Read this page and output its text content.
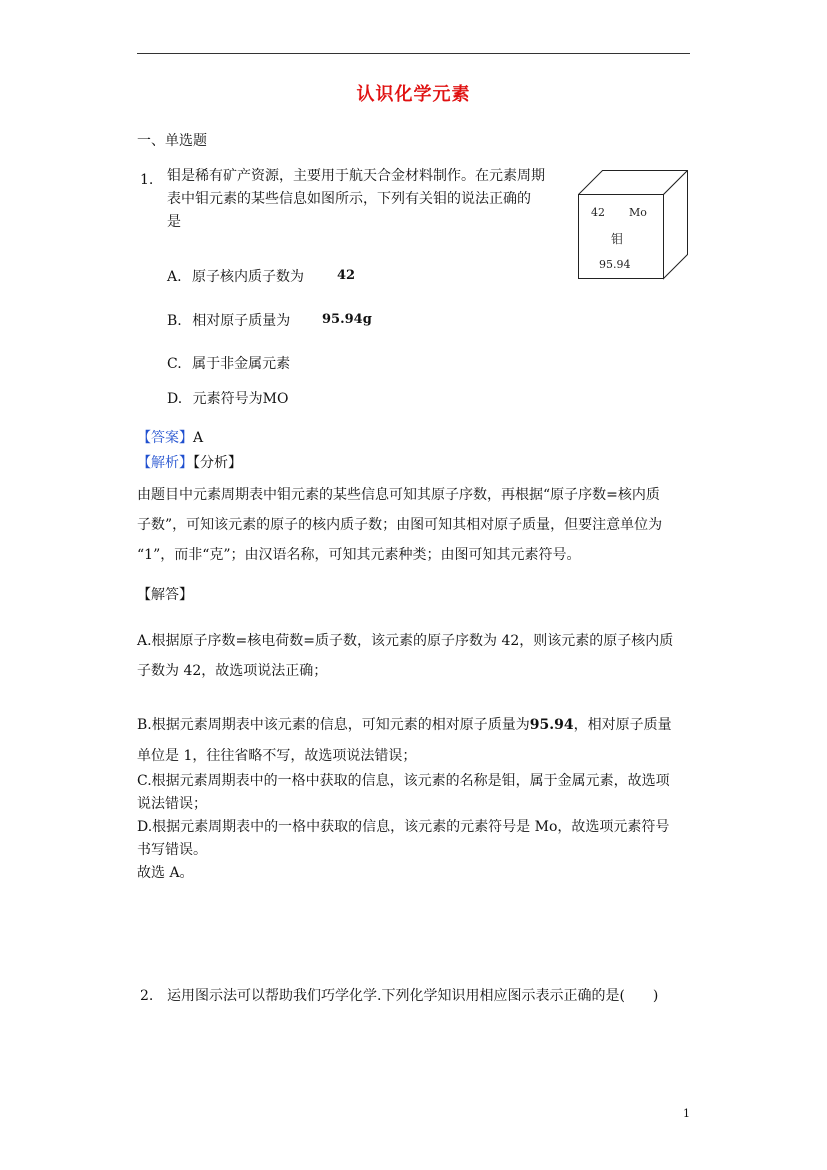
认识化学元素
一、单选题
1. 钼是稀有矿产资源，主要用于航天合金材料制作。在元素周期
表中钼元素的某些信息如图所示，下列有关钼的说法正确的
是
42 Mo
钼
95.94
A. 原子核内质子数为	42
B. 相对原子质量为 95.94g
C. 属于非金属元素
D. 元素符号为MO
【答案】A
【解析】【分析】
由题目中元素周期表中钼元素的某些信息可知其原子序数，再根据“原子序数=核内质
子数”，可知该元素的原子的核内质子数；由图可知其相对原子质量，但要注意单位为
“1”，而非“克”；由汉语名称，可知其元素种类；由图可知其元素符号。
【解答】
A.根据原子序数=核电荷数=质子数，该元素的原子序数为 42，则该元素的原子核内质
子数为 42，故选项说法正确；
B.根据元素周期表中该元素的信息，可知元素的相对原子质量为95.94，相对原子质量
单位是 1，往往省略不写，故选项说法错误；
C.根据元素周期表中的一格中获取的信息，该元素的名称是钼，属于金属元素，故选项
说法错误；
D.根据元素周期表中的一格中获取的信息，该元素的元素符号是 Mo，故选项元素符号
书写错误。
故选 A。
2. 运用图示法可以帮助我们巧学化学.下列化学知识用相应图示表示正确的是( )
1
